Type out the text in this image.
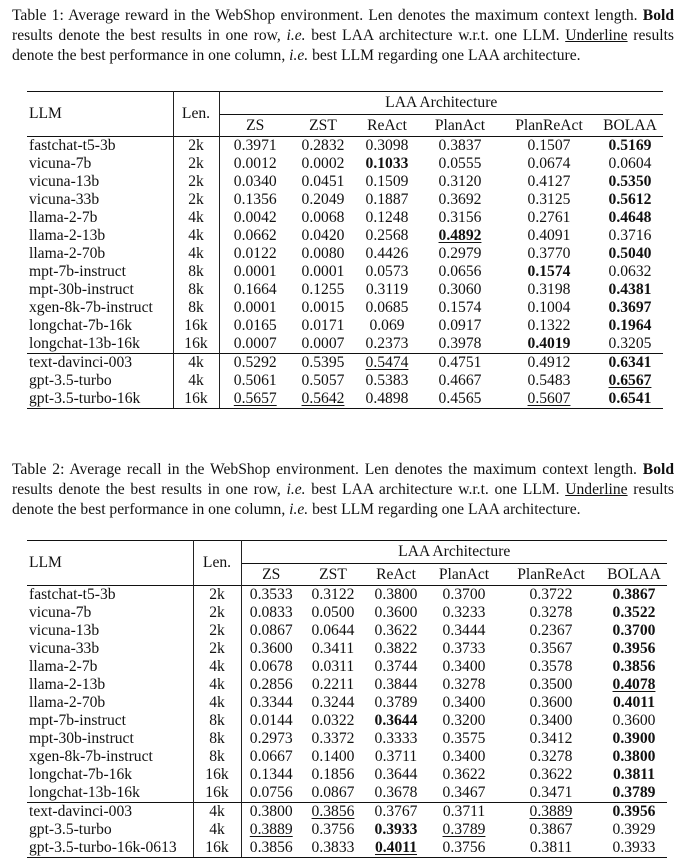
Table 1: Average reward in the WebShop environment. Len denotes the maximum context length. Bold results denote the best results in one row, i.e. best LAA architecture w.r.t. one LLM. Underline results denote the best performance in one column, i.e. best LLM regarding one LAA architecture.

LLM	Len.	LAA Architecture					
		ZS	ZST	ReAct	PlanAct	PlanReAct	BOLAA
fastchat-t5-3b	2k	0.3971	0.2832	0.3098	0.3837	0.1507	0.5169
vicuna-7b	2k	0.0012	0.0002	0.1033	0.0555	0.0674	0.0604
vicuna-13b	2k	0.0340	0.0451	0.1509	0.3120	0.4127	0.5350
vicuna-33b	2k	0.1356	0.2049	0.1887	0.3692	0.3125	0.5612
llama-2-7b	4k	0.0042	0.0068	0.1248	0.3156	0.2761	0.4648
llama-2-13b	4k	0.0662	0.0420	0.2568	0.4892	0.4091	0.3716
llama-2-70b	4k	0.0122	0.0080	0.4426	0.2979	0.3770	0.5040
mpt-7b-instruct	8k	0.0001	0.0001	0.0573	0.0656	0.1574	0.0632
mpt-30b-instruct	8k	0.1664	0.1255	0.3119	0.3060	0.3198	0.4381
xgen-8k-7b-instruct	8k	0.0001	0.0015	0.0685	0.1574	0.1004	0.3697
longchat-7b-16k	16k	0.0165	0.0171	0.069	0.0917	0.1322	0.1964
longchat-13b-16k	16k	0.0007	0.0007	0.2373	0.3978	0.4019	0.3205
text-davinci-003	4k	0.5292	0.5395	0.5474	0.4751	0.4912	0.6341
gpt-3.5-turbo	4k	0.5061	0.5057	0.5383	0.4667	0.5483	0.6567
gpt-3.5-turbo-16k	16k	0.5657	0.5642	0.4898	0.4565	0.5607	0.6541

Table 2: Average recall in the WebShop environment. Len denotes the maximum context length. Bold results denote the best results in one row, i.e. best LAA architecture w.r.t. one LLM. Underline results denote the best performance in one column, i.e. best LLM regarding one LAA architecture.

LLM	Len.	LAA Architecture					
		ZS	ZST	ReAct	PlanAct	PlanReAct	BOLAA
fastchat-t5-3b	2k	0.3533	0.3122	0.3800	0.3700	0.3722	0.3867
vicuna-7b	2k	0.0833	0.0500	0.3600	0.3233	0.3278	0.3522
vicuna-13b	2k	0.0867	0.0644	0.3622	0.3444	0.2367	0.3700
vicuna-33b	2k	0.3600	0.3411	0.3822	0.3733	0.3567	0.3956
llama-2-7b	4k	0.0678	0.0311	0.3744	0.3400	0.3578	0.3856
llama-2-13b	4k	0.2856	0.2211	0.3844	0.3278	0.3500	0.4078
llama-2-70b	4k	0.3344	0.3244	0.3789	0.3400	0.3600	0.4011
mpt-7b-instruct	8k	0.0144	0.0322	0.3644	0.3200	0.3400	0.3600
mpt-30b-instruct	8k	0.2973	0.3372	0.3333	0.3575	0.3412	0.3900
xgen-8k-7b-instruct	8k	0.0667	0.1400	0.3711	0.3400	0.3278	0.3800
longchat-7b-16k	16k	0.1344	0.1856	0.3644	0.3622	0.3622	0.3811
longchat-13b-16k	16k	0.0756	0.0867	0.3678	0.3467	0.3471	0.3789
text-davinci-003	4k	0.3800	0.3856	0.3767	0.3711	0.3889	0.3956
gpt-3.5-turbo	4k	0.3889	0.3756	0.3933	0.3789	0.3867	0.3929
gpt-3.5-turbo-16k-0613	16k	0.3856	0.3833	0.4011	0.3756	0.3811	0.3933
